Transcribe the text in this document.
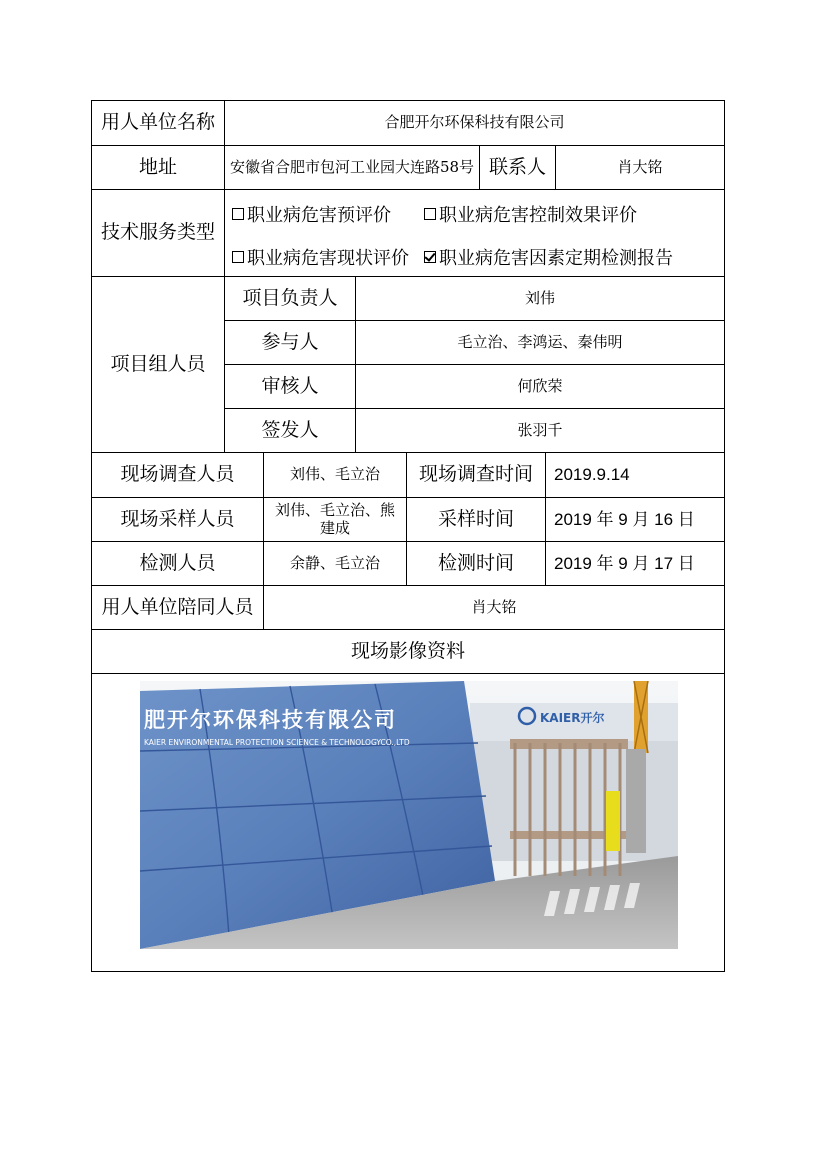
用人单位名称	合肥开尔环保科技有限公司
地址	安徽省合肥市包河工业园大连路58号 联系人	肖大铭
技术服务类型
职业病危害预评价	职业病危害控制效果评价
职业病危害现状评价 职业病危害因素定期检测报告
项目组人员
项目负责人	刘伟
参与人	毛立治、李鸿运、秦伟明
审核人	何欣荣
签发人	张羽千
现场调查人员	刘伟、毛立治	现场调查时间	2019.9.14
现场采样人员	刘伟、毛立治、熊建成	采样时间	2019 年 9 月 16 日
检测人员	余静、毛立治	检测时间	2019 年 9 月 17 日
用人单位陪同人员	肖大铭
现场影像资料
KAIER开尔
肥开尔环保科技有限公司
KAIER ENVIRONMENTAL PROTECTION SCIENCE & TECHNOLOGYCO.,LTD
